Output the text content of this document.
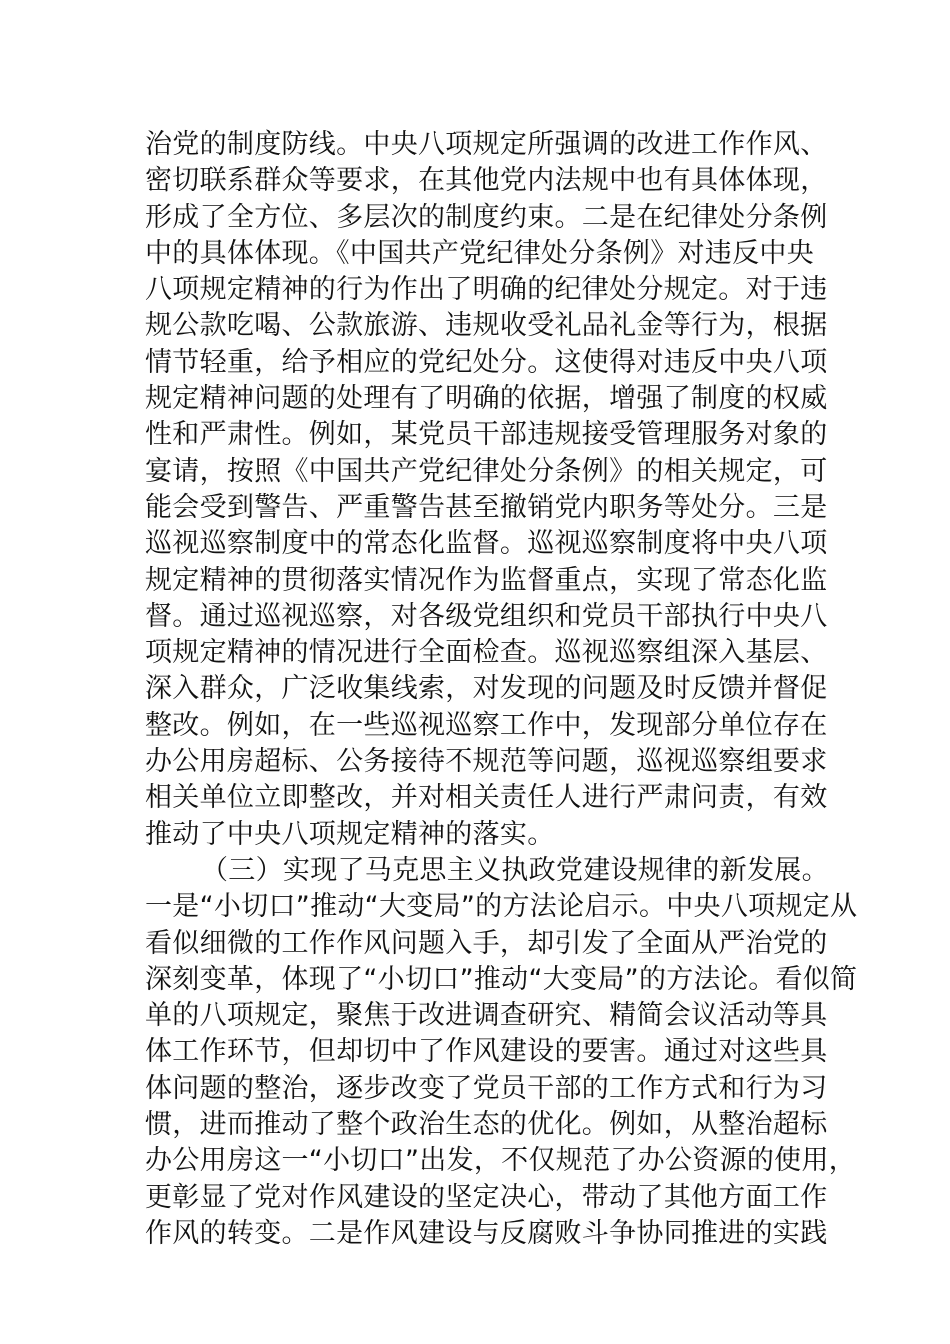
治党的制度防线。中央八项规定所强调的改进工作作风、
密切联系群众等要求，在其他党内法规中也有具体体现，
形成了全方位、多层次的制度约束。二是在纪律处分条例
中的具体体现。《中国共产党纪律处分条例》对违反中央
八项规定精神的行为作出了明确的纪律处分规定。对于违
规公款吃喝、公款旅游、违规收受礼品礼金等行为，根据
情节轻重，给予相应的党纪处分。这使得对违反中央八项
规定精神问题的处理有了明确的依据，增强了制度的权威
性和严肃性。例如，某党员干部违规接受管理服务对象的
宴请，按照《中国共产党纪律处分条例》的相关规定，可
能会受到警告、严重警告甚至撤销党内职务等处分。三是
巡视巡察制度中的常态化监督。巡视巡察制度将中央八项
规定精神的贯彻落实情况作为监督重点，实现了常态化监
督。通过巡视巡察，对各级党组织和党员干部执行中央八
项规定精神的情况进行全面检查。巡视巡察组深入基层、
深入群众，广泛收集线索，对发现的问题及时反馈并督促
整改。例如，在一些巡视巡察工作中，发现部分单位存在
办公用房超标、公务接待不规范等问题，巡视巡察组要求
相关单位立即整改，并对相关责任人进行严肃问责，有效
推动了中央八项规定精神的落实。
（三）实现了马克思主义执政党建设规律的新发展。
一是“小切口”推动“大变局”的方法论启示。中央八项规定从
看似细微的工作作风问题入手，却引发了全面从严治党的
深刻变革，体现了“小切口”推动“大变局”的方法论。看似简
单的八项规定，聚焦于改进调查研究、精简会议活动等具
体工作环节，但却切中了作风建设的要害。通过对这些具
体问题的整治，逐步改变了党员干部的工作方式和行为习
惯，进而推动了整个政治生态的优化。例如，从整治超标
办公用房这一“小切口”出发，不仅规范了办公资源的使用，
更彰显了党对作风建设的坚定决心，带动了其他方面工作
作风的转变。二是作风建设与反腐败斗争协同推进的实践
